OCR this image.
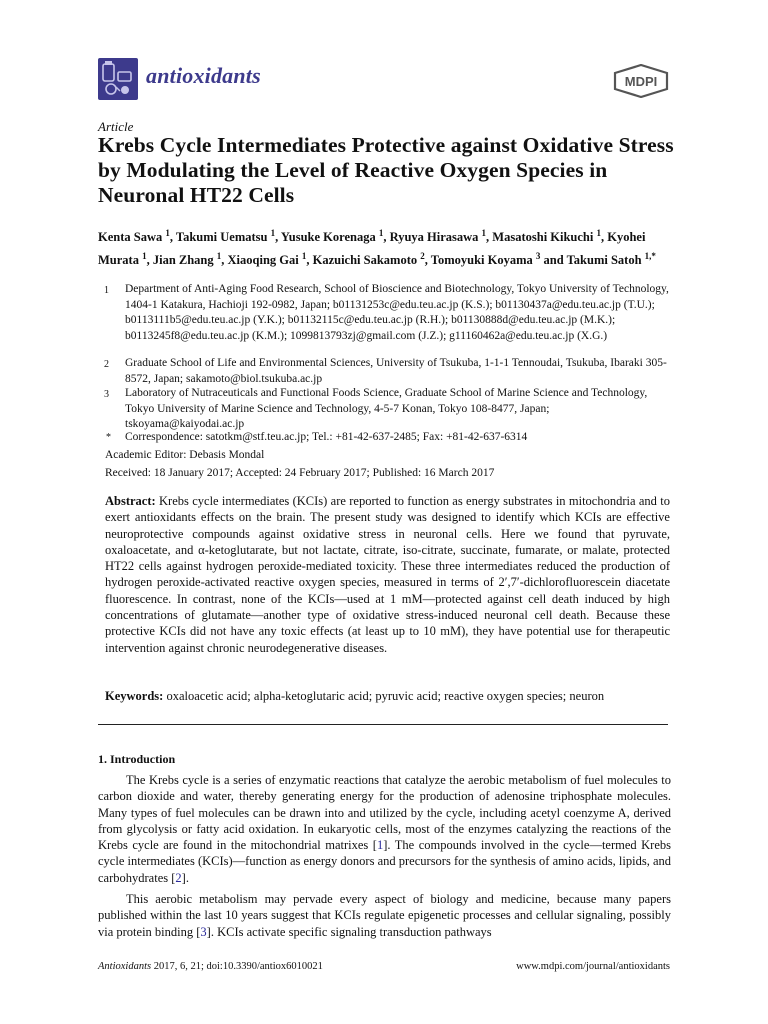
antioxidants	MDPI
Article
Krebs Cycle Intermediates Protective against Oxidative Stress by Modulating the Level of Reactive Oxygen Species in Neuronal HT22 Cells
Kenta Sawa $^1$, Takumi Uematsu $^1$, Yusuke Korenaga $^1$, Ryuya Hirasawa $^1$, Masatoshi Kikuchi $^1$, Kyohei Murata $^1$, Jian Zhang $^1$, Xiaoqing Gai $^1$, Kazuichi Sakamoto $^2$, Tomoyuki Koyama $^3$ and Takumi Satoh $^{1,*}$
1 Department of Anti-Aging Food Research, School of Bioscience and Biotechnology, Tokyo University of Technology, 1404-1 Katakura, Hachioji 192-0982, Japan; b01131253c@edu.teu.ac.jp (K.S.); b01130437a@edu.teu.ac.jp (T.U.); b0113111b5@edu.teu.ac.jp (Y.K.); b01132115c@edu.teu.ac.jp (R.H.); b01130888d@edu.teu.ac.jp (M.K.); b0113245f8@edu.teu.ac.jp (K.M.); 1099813793zj@gmail.com (J.Z.); g11160462a@edu.teu.ac.jp (X.G.)
2 Graduate School of Life and Environmental Sciences, University of Tsukuba, 1-1-1 Tennoudai, Tsukuba, Ibaraki 305-8572, Japan; sakamoto@biol.tsukuba.ac.jp
3 Laboratory of Nutraceuticals and Functional Foods Science, Graduate School of Marine Science and Technology, Tokyo University of Marine Science and Technology, 4-5-7 Konan, Tokyo 108-8477, Japan; tskoyama@kaiyodai.ac.jp
* Correspondence: satotkm@stf.teu.ac.jp; Tel.: +81-42-637-2485; Fax: +81-42-637-6314
Academic Editor: Debasis Mondal
Received: 18 January 2017; Accepted: 24 February 2017; Published: 16 March 2017
Abstract: Krebs cycle intermediates (KCIs) are reported to function as energy substrates in mitochondria and to exert antioxidants effects on the brain. The present study was designed to identify which KCIs are effective neuroprotective compounds against oxidative stress in neuronal cells. Here we found that pyruvate, oxaloacetate, and α-ketoglutarate, but not lactate, citrate, iso-citrate, succinate, fumarate, or malate, protected HT22 cells against hydrogen peroxide-mediated toxicity. These three intermediates reduced the production of hydrogen peroxide-activated reactive oxygen species, measured in terms of 2′,7′-dichlorofluorescein diacetate fluorescence. In contrast, none of the KCIs—used at 1 mM—protected against cell death induced by high concentrations of glutamate—another type of oxidative stress-induced neuronal cell death. Because these protective KCIs did not have any toxic effects (at least up to 10 mM), they have potential use for therapeutic intervention against chronic neurodegenerative diseases.
Keywords: oxaloacetic acid; alpha-ketoglutaric acid; pyruvic acid; reactive oxygen species; neuron
1. Introduction
The Krebs cycle is a series of enzymatic reactions that catalyze the aerobic metabolism of fuel molecules to carbon dioxide and water, thereby generating energy for the production of adenosine triphosphate molecules. Many types of fuel molecules can be drawn into and utilized by the cycle, including acetyl coenzyme A, derived from glycolysis or fatty acid oxidation. In eukaryotic cells, most of the enzymes catalyzing the reactions of the Krebs cycle are found in the mitochondrial matrixes [1]. The compounds involved in the cycle—termed Krebs cycle intermediates (KCIs)—function as energy donors and precursors for the synthesis of amino acids, lipids, and carbohydrates [2].
This aerobic metabolism may pervade every aspect of biology and medicine, because many papers published within the last 10 years suggest that KCIs regulate epigenetic processes and cellular signaling, possibly via protein binding [3]. KCIs activate specific signaling transduction pathways
Antioxidants 2017, 6, 21; doi:10.3390/antiox6010021	www.mdpi.com/journal/antioxidants
